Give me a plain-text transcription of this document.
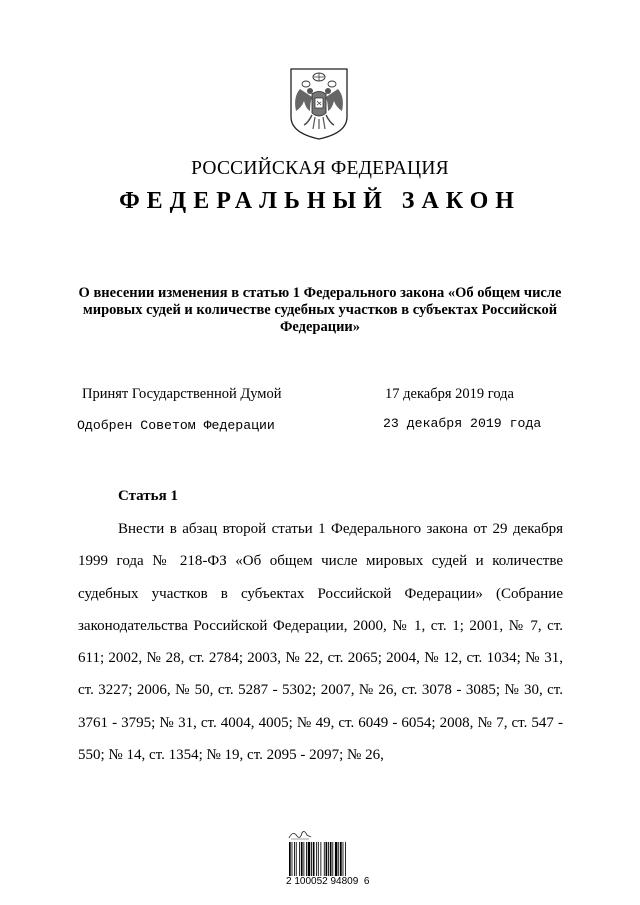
РОССИЙСКАЯ ФЕДЕРАЦИЯ
ФЕДЕРАЛЬНЫЙ ЗАКОН
О внесении изменения в статью 1 Федерального закона «Об общем числе мировых судей и количестве судебных участков в субъектах Российской Федерации»
Принят Государственной Думой	17 декабря 2019 года
Одобрен Советом Федерации	23 декабря 2019 года
Статья 1

Внести в абзац второй статьи 1 Федерального закона от 29 декабря 1999 года № 218-ФЗ «Об общем числе мировых судей и количестве судебных участков в субъектах Российской Федерации» (Собрание законодательства Российской Федерации, 2000, № 1, ст. 1; 2001, № 7, ст. 611; 2002, № 28, ст. 2784; 2003, № 22, ст. 2065; 2004, № 12, ст. 1034; № 31, ст. 3227; 2006, № 50, ст. 5287 - 5302; 2007, № 26, ст. 3078 - 3085; № 30, ст. 3761 - 3795; № 31, ст. 4004, 4005; № 49, ст. 6049 - 6054; 2008, № 7, ст. 547 - 550; № 14, ст. 1354; № 19, ст. 2095 - 2097; № 26,

2 100052 94809  6
